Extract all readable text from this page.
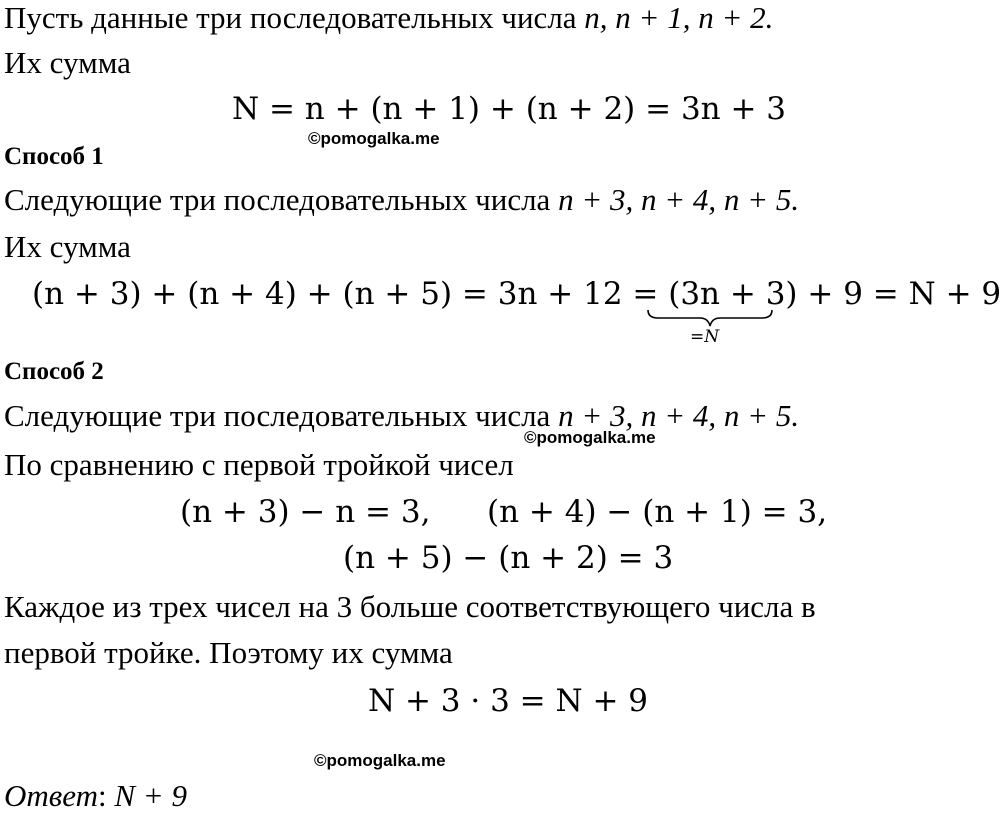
Пусть данные три последовательных числа n, n + 1, n + 2.
Их сумма
N = n + (n + 1) + (n + 2) = 3n + 3
©pomogalka.me
Способ 1
Следующие три последовательных числа n + 3, n + 4, n + 5.
Их сумма
(n + 3) + (n + 4) + (n + 5) = 3n + 12 = (3n + 3) + 9 = N + 9
=N
Способ 2
Следующие три последовательных числа n + 3, n + 4, n + 5.
©pomogalka.me
По сравнению с первой тройкой чисел
(n + 3) − n = 3, (n + 4) − (n + 1) = 3,
(n + 5) − (n + 2) = 3
Каждое из трех чисел на 3 больше соответствующего числа в
первой тройке. Поэтому их сумма
N + 3 · 3 = N + 9
©pomogalka.me
Ответ: N + 9
